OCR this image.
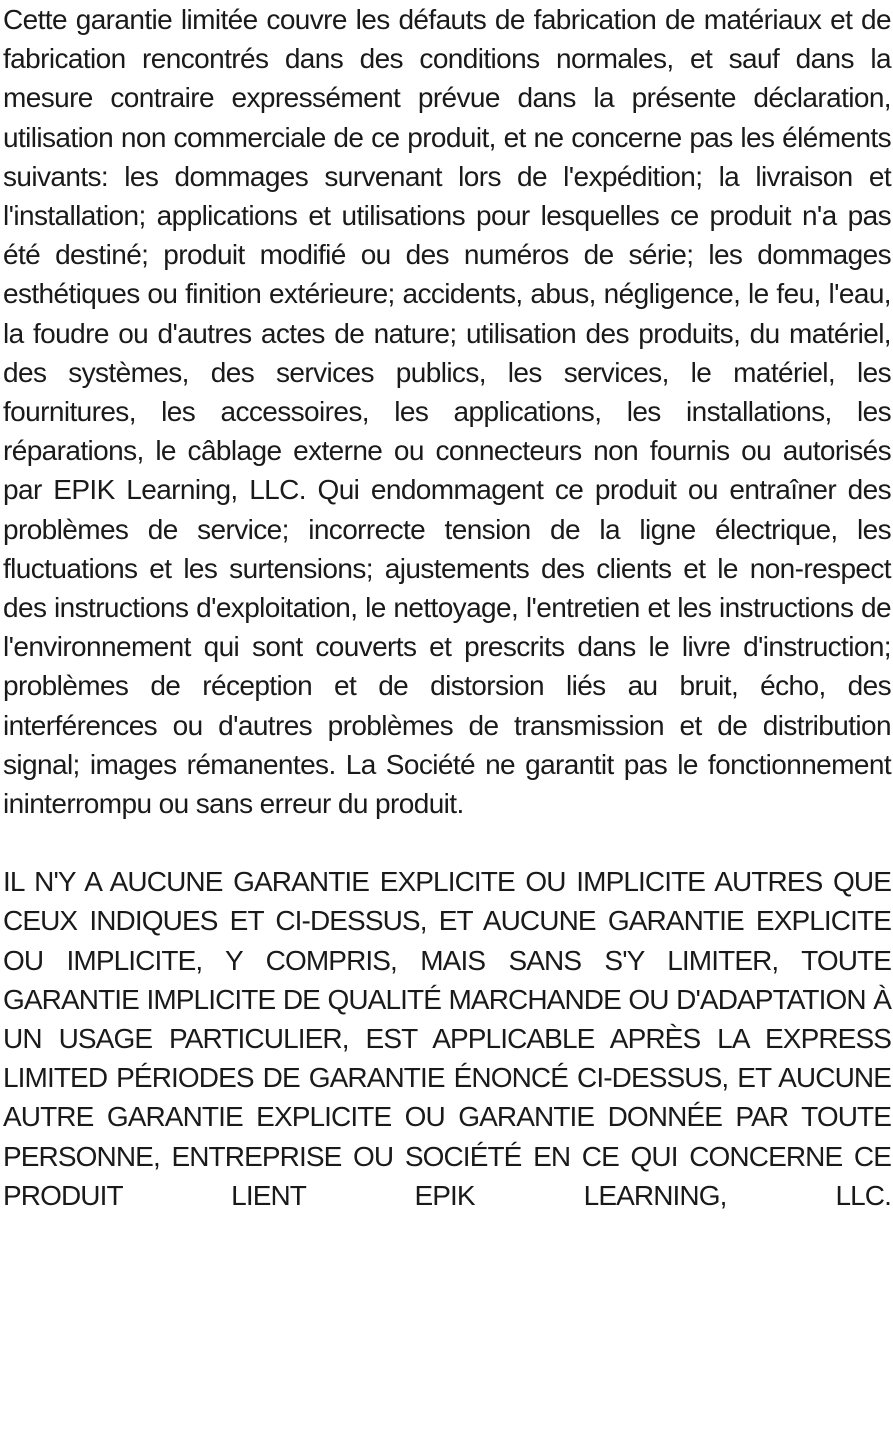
Cette garantie limitée couvre les défauts de fabrication de matériaux et de fabrication rencontrés dans des conditions normales, et sauf dans la mesure contraire expressément prévue dans la présente déclaration, utilisation non commerciale de ce produit, et ne concerne pas les éléments suivants: les dommages survenant lors de l'expédition; la livraison et l'installation; applications et utilisations pour lesquelles ce produit n'a pas été destiné; produit modifié ou des numéros de série; les dommages esthétiques ou finition extérieure; accidents, abus, négligence, le feu, l'eau, la foudre ou d'autres actes de nature; utilisation des produits, du matériel, des systèmes, des services publics, les services, le matériel, les fournitures, les accessoires, les applications, les installations, les réparations, le câblage externe ou connecteurs non fournis ou autorisés par EPIK Learning, LLC. Qui endommagent ce produit ou entraîner des problèmes de service; incorrecte tension de la ligne électrique, les fluctuations et les surtensions; ajustements des clients et le non-respect des instructions d'exploitation, le nettoyage, l'entretien et les instructions de l'environnement qui sont couverts et prescrits dans le livre d'instruction; problèmes de réception et de distorsion liés au bruit, écho, des interférences ou d'autres problèmes de transmission et de distribution signal; images rémanentes. La Société ne garantit pas le fonctionnement ininterrompu ou sans erreur du produit.

IL N'Y A AUCUNE GARANTIE EXPLICITE OU IMPLICITE AUTRES QUE CEUX INDIQUES ET CI-DESSUS, ET AUCUNE GARANTIE EXPLICITE OU IMPLICITE, Y COMPRIS, MAIS SANS S'Y LIMITER, TOUTE GARANTIE IMPLICITE DE QUALITÉ MARCHANDE OU D'ADAPTATION À UN USAGE PARTICULIER, EST APPLICABLE APRÈS LA EXPRESS LIMITED PÉRIODES DE GARANTIE ÉNONCÉ CI-DESSUS, ET AUCUNE AUTRE GARANTIE EXPLICITE OU GARANTIE DONNÉE PAR TOUTE PERSONNE, ENTREPRISE OU SOCIÉTÉ EN CE QUI CONCERNE CE PRODUIT LIENT EPIK LEARNING, LLC.
